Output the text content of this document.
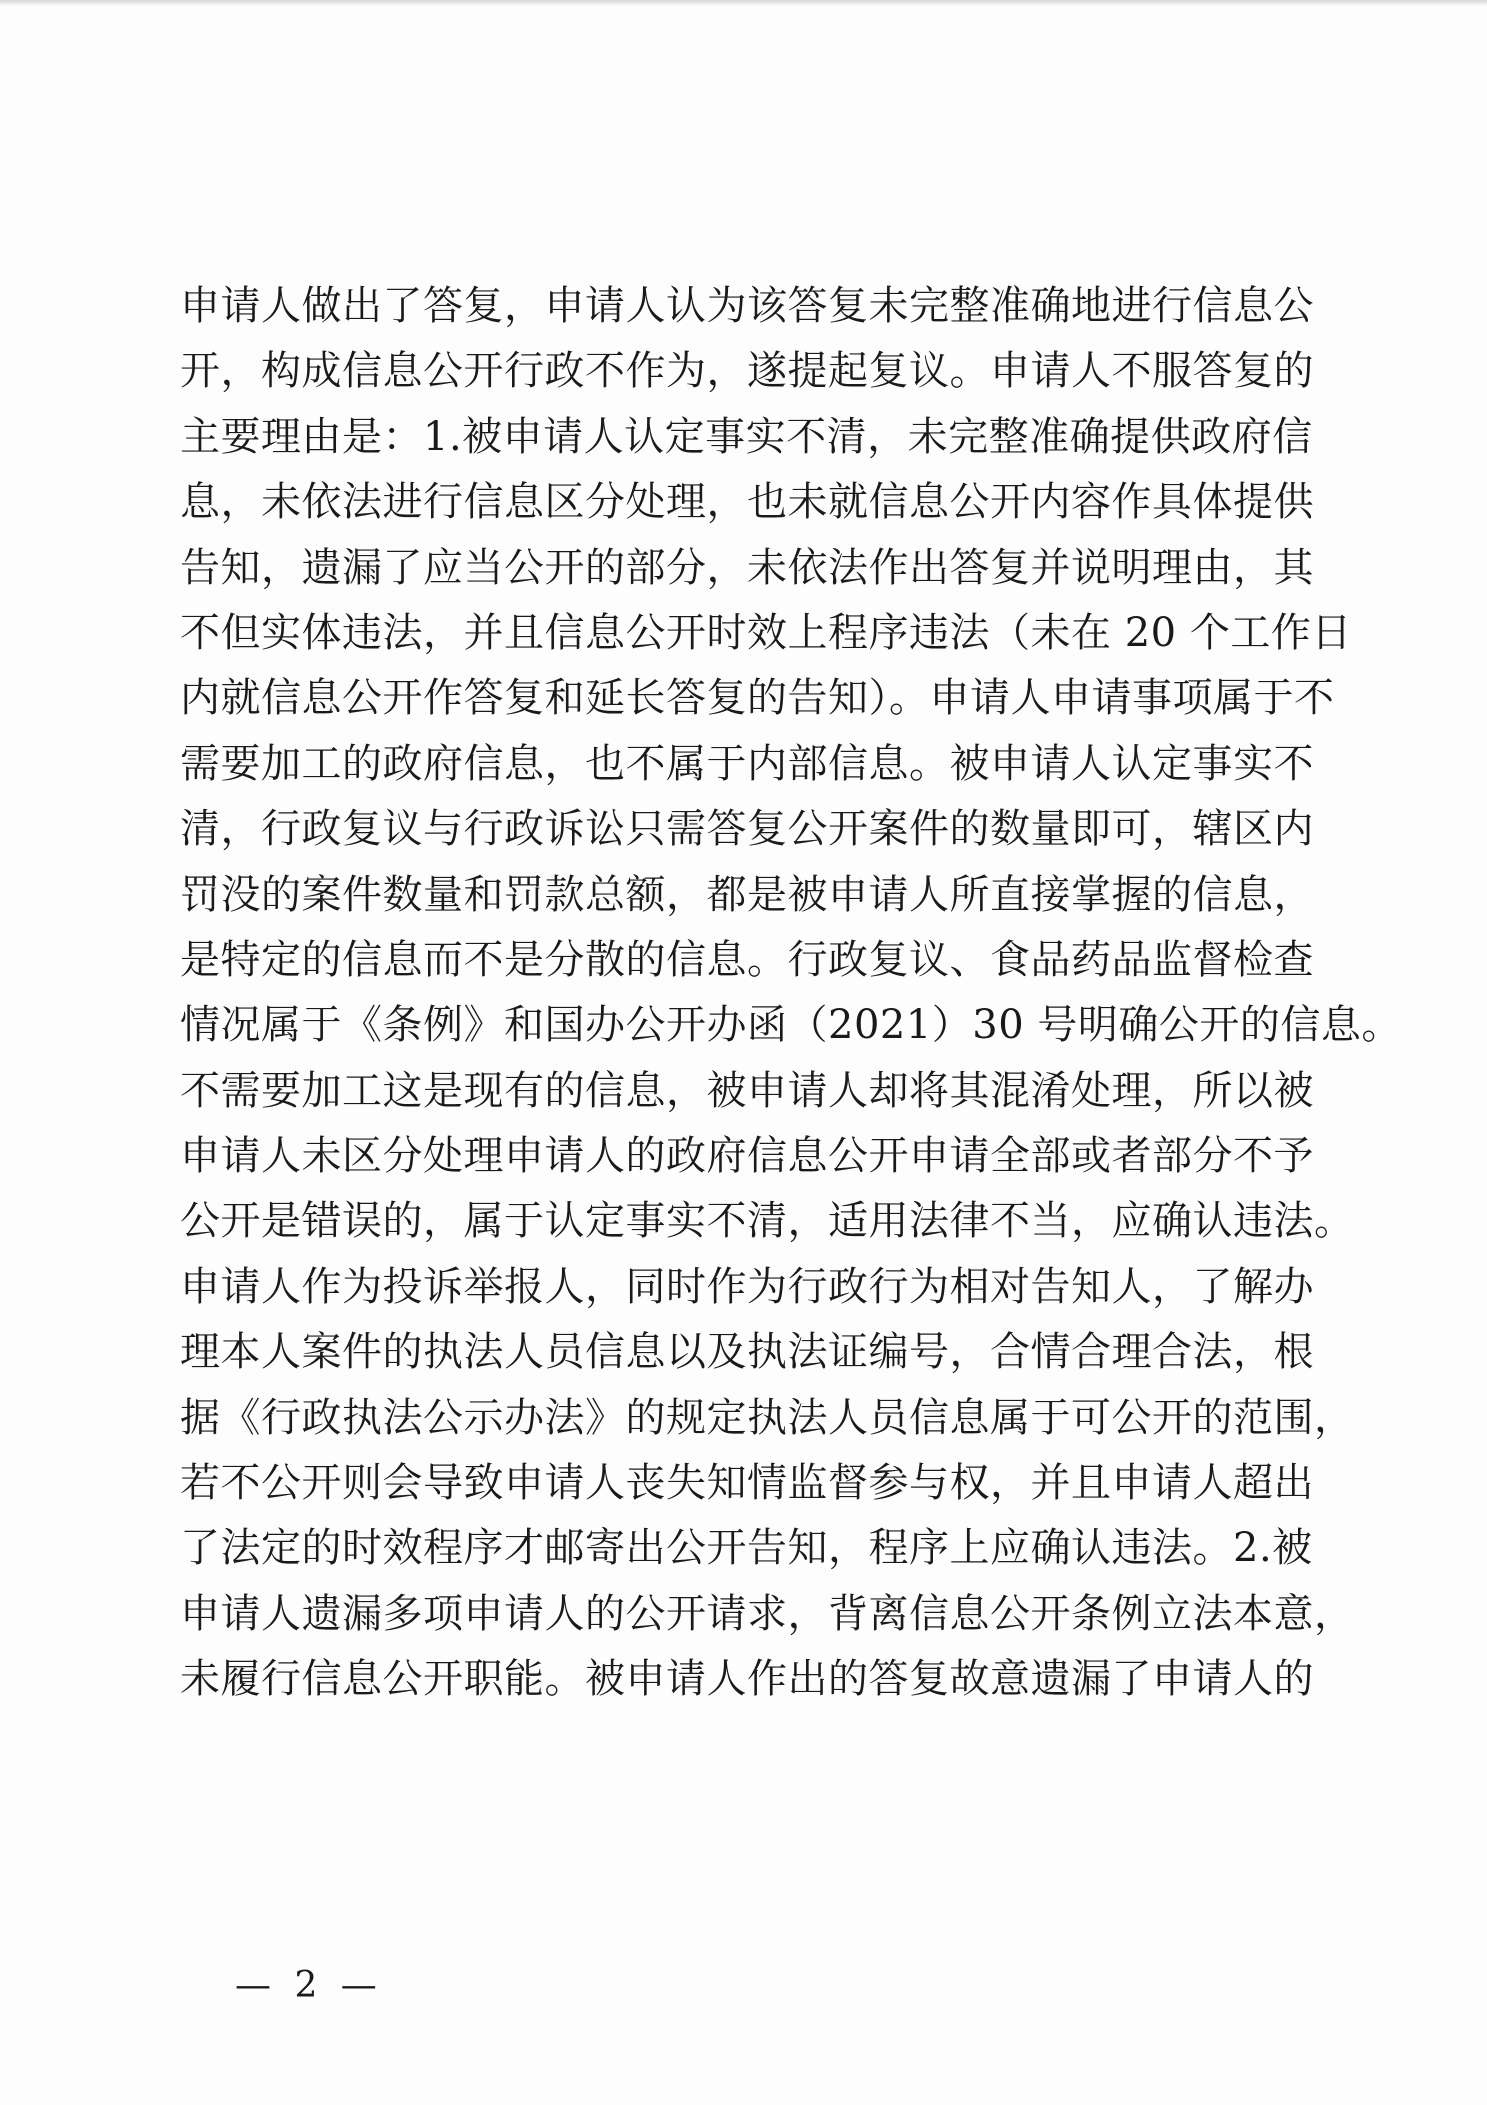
申请人做出了答复，申请人认为该答复未完整准确地进行信息公
开，构成信息公开行政不作为，遂提起复议。申请人不服答复的
主要理由是：1.被申请人认定事实不清，未完整准确提供政府信
息，未依法进行信息区分处理，也未就信息公开内容作具体提供
告知，遗漏了应当公开的部分，未依法作出答复并说明理由，其
不但实体违法，并且信息公开时效上程序违法（未在 20 个工作日
内就信息公开作答复和延长答复的告知）。申请人申请事项属于不
需要加工的政府信息，也不属于内部信息。被申请人认定事实不
清，行政复议与行政诉讼只需答复公开案件的数量即可，辖区内
罚没的案件数量和罚款总额，都是被申请人所直接掌握的信息，
是特定的信息而不是分散的信息。行政复议、食品药品监督检查
情况属于《条例》和国办公开办函（2021）30 号明确公开的信息。
不需要加工这是现有的信息，被申请人却将其混淆处理，所以被
申请人未区分处理申请人的政府信息公开申请全部或者部分不予
公开是错误的，属于认定事实不清，适用法律不当，应确认违法。
申请人作为投诉举报人，同时作为行政行为相对告知人，了解办
理本人案件的执法人员信息以及执法证编号，合情合理合法，根
据《行政执法公示办法》的规定执法人员信息属于可公开的范围，
若不公开则会导致申请人丧失知情监督参与权，并且申请人超出
了法定的时效程序才邮寄出公开告知，程序上应确认违法。2.被
申请人遗漏多项申请人的公开请求，背离信息公开条例立法本意，
未履行信息公开职能。被申请人作出的答复故意遗漏了申请人的
— 2 —
